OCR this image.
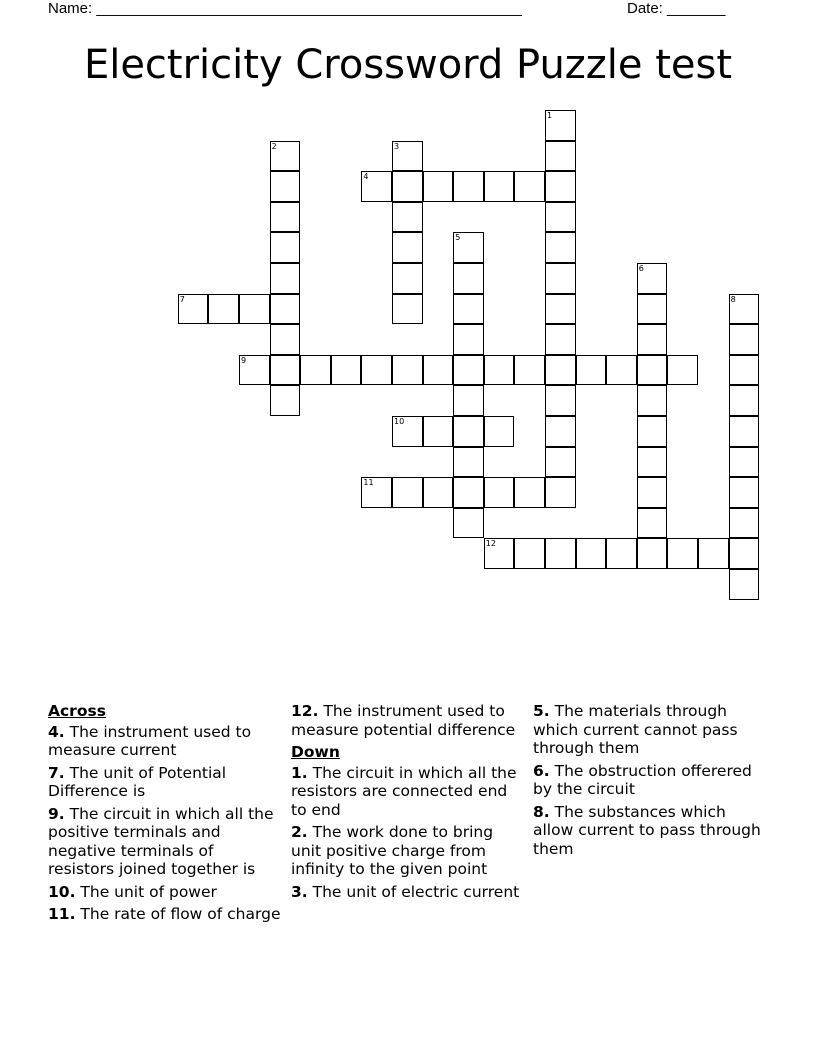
Name: ___________________________________________________	Date: _______
Electricity Crossword Puzzle test
1
2	3
4
5
6
7	8
9
10
11
12
Across
4. The instrument used to measure current
7. The unit of Potential Difference is
9. The circuit in which all the positive terminals and negative terminals of resistors joined together is
10. The unit of power
11. The rate of flow of charge
12. The instrument used to measure potential difference
Down
1. The circuit in which all the resistors are connected end to end
2. The work done to bring unit positive charge from infinity to the given point
3. The unit of electric current
5. The materials through which current cannot pass through them
6. The obstruction offerered by the circuit
8. The substances which allow current to pass through them
